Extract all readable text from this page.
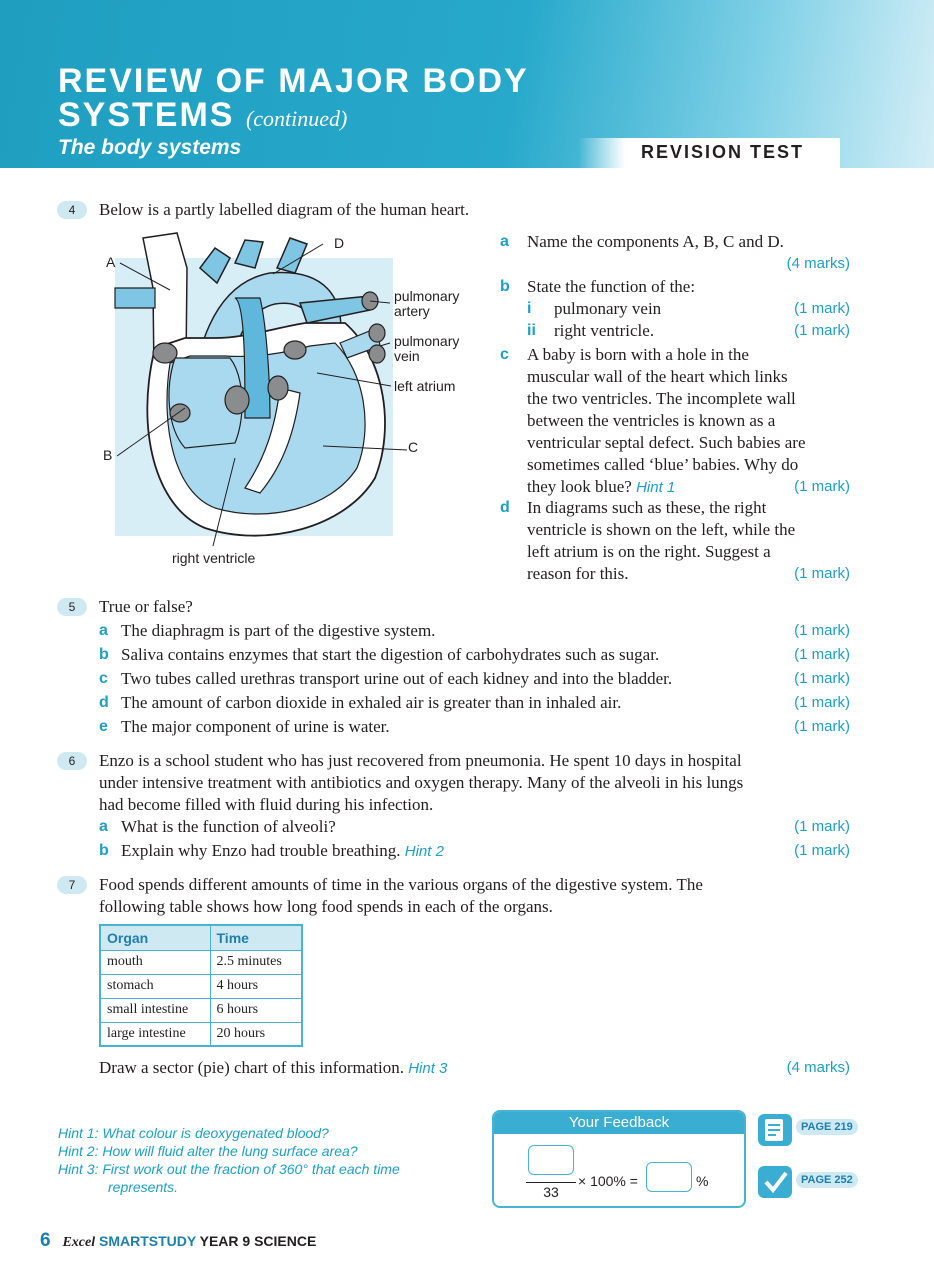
REVIEW OF MAJOR BODY
SYSTEMS (continued)
The body systems	REVISION TEST
4	Below is a partly labelled diagram of the human heart.
A
D
pulmonary
artery
pulmonary
vein
left atrium
C
B
right ventricle
a Name the components A, B, C and D.
(4 marks)
b State the function of the:
i pulmonary vein	(1 mark)
ii right ventricle.	(1 mark)
c A baby is born with a hole in the
muscular wall of the heart which links
the two ventricles. The incomplete wall
between the ventricles is known as a
ventricular septal defect. Such babies are
sometimes called ‘blue’ babies. Why do
they look blue? Hint 1	(1 mark)
d In diagrams such as these, the right
ventricle is shown on the left, while the
left atrium is on the right. Suggest a
reason for this.	(1 mark)
5	True or false?
a The diaphragm is part of the digestive system.	(1 mark)
b Saliva contains enzymes that start the digestion of carbohydrates such as sugar.	(1 mark)
c Two tubes called urethras transport urine out of each kidney and into the bladder.	(1 mark)
d The amount of carbon dioxide in exhaled air is greater than in inhaled air.	(1 mark)
e The major component of urine is water.	(1 mark)
6	Enzo is a school student who has just recovered from pneumonia. He spent 10 days in hospital
under intensive treatment with antibiotics and oxygen therapy. Many of the alveoli in his lungs
had become filled with fluid during his infection.
a What is the function of alveoli?	(1 mark)
b Explain why Enzo had trouble breathing. Hint 2	(1 mark)
7	Food spends different amounts of time in the various organs of the digestive system. The
following table shows how long food spends in each of the organs.
Organ	Time
mouth	2.5 minutes
stomach	4 hours
small intestine	6 hours
large intestine	20 hours
Draw a sector (pie) chart of this information. Hint 3	(4 marks)
Hint 1: What colour is deoxygenated blood?
Hint 2: How will fluid alter the lung surface area?
Hint 3: First work out the fraction of 360° that each time
represents.
Your Feedback
33
× 100% =	%
PAGE 219
PAGE 252
6 Excel SMARTSTUDY YEAR 9 SCIENCE
